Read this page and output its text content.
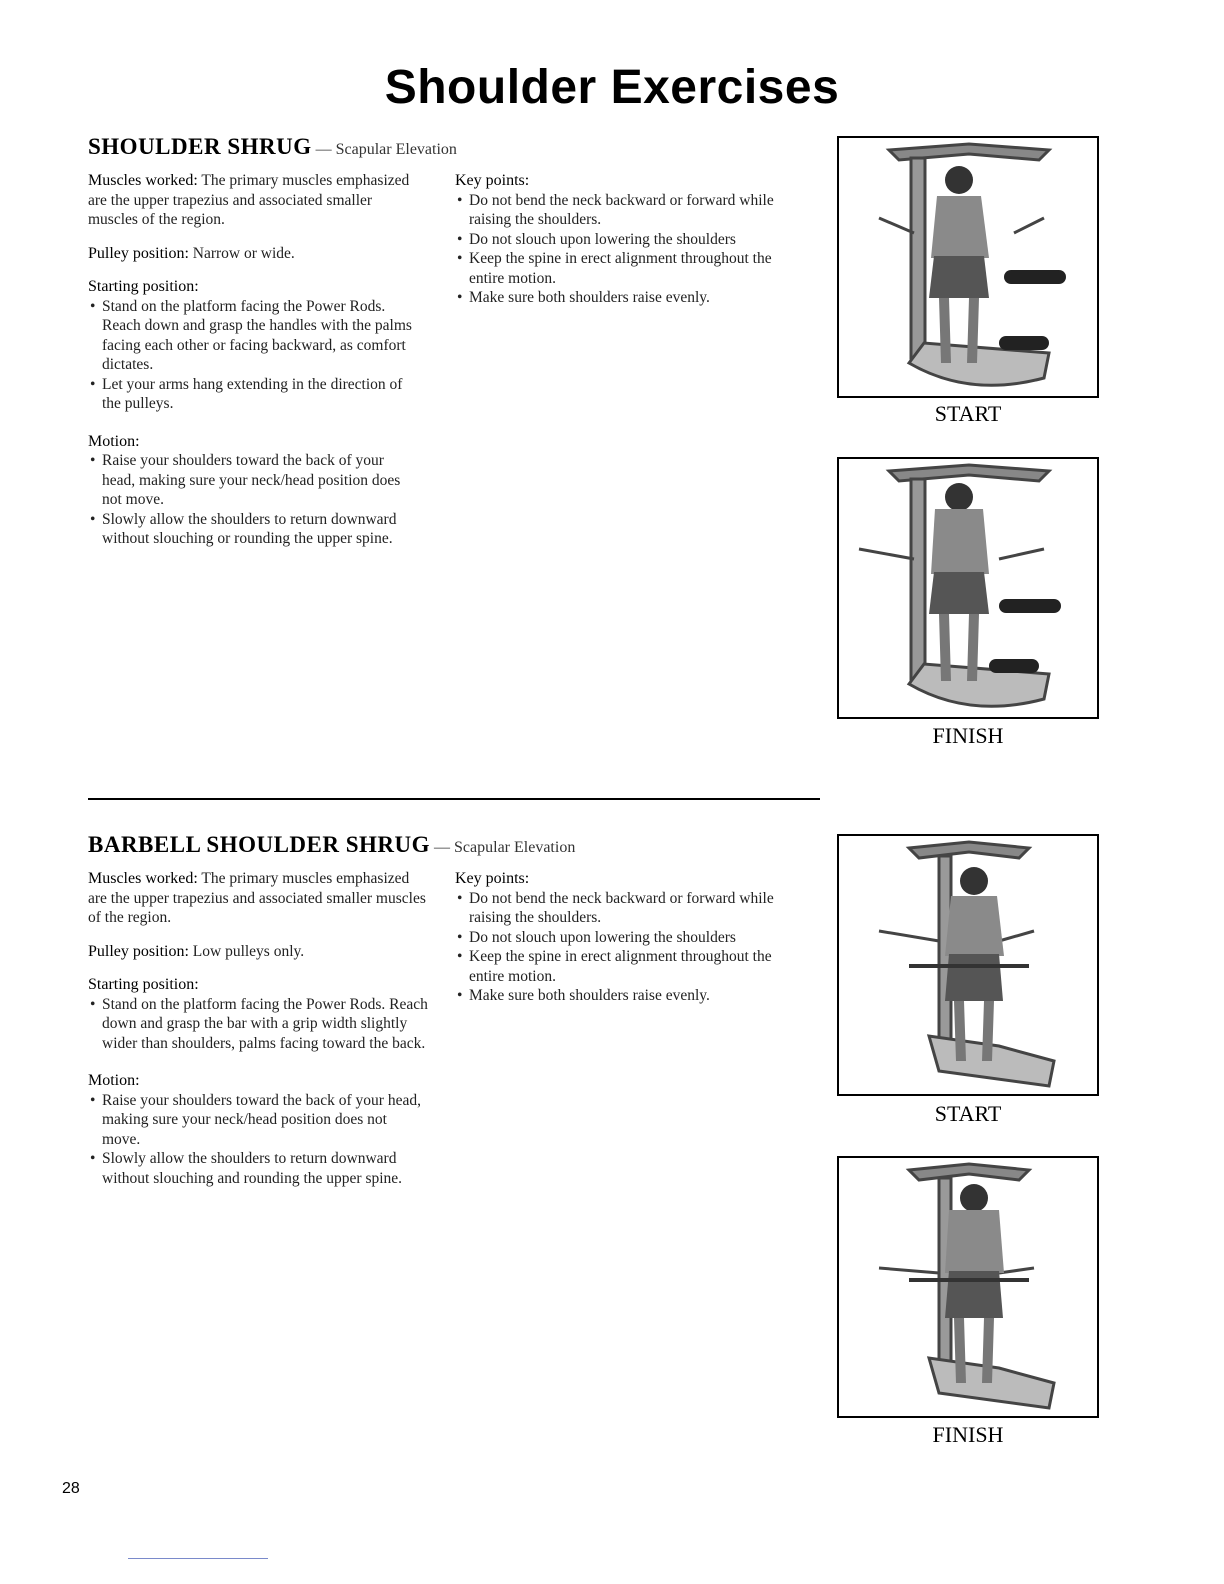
Shoulder Exercises
SHOULDER SHRUG — Scapular Elevation

Muscles worked: The primary muscles emphasized are the upper trapezius and associated smaller muscles of the region.

Pulley position: Narrow or wide.

Starting position:
• Stand on the platform facing the Power Rods. Reach down and grasp the handles with the palms facing each other or facing backward, as comfort dictates.
• Let your arms hang extending in the direction of the pulleys.
Motion:
• Raise your shoulders toward the back of your head, making sure your neck/head position does not move.
• Slowly allow the shoulders to return downward without slouching or rounding the upper spine.
Key points:
• Do not bend the neck backward or forward while raising the shoulders.
• Do not slouch upon lowering the shoulders
• Keep the spine in erect alignment throughout the entire motion.
• Make sure both shoulders raise evenly.
START
FINISH
BARBELL SHOULDER SHRUG — Scapular Elevation

Muscles worked: The primary muscles emphasized are the upper trapezius and associated smaller muscles of the region.

Pulley position: Low pulleys only.

Starting position:
• Stand on the platform facing the Power Rods. Reach down and grasp the bar with a grip width slightly wider than shoulders, palms facing toward the back.
Motion:
• Raise your shoulders toward the back of your head, making sure your neck/head position does not move.
• Slowly allow the shoulders to return downward without slouching and rounding the upper spine.
Key points:
• Do not bend the neck backward or forward while raising the shoulders.
• Do not slouch upon lowering the shoulders
• Keep the spine in erect alignment throughout the entire motion.
• Make sure both shoulders raise evenly.
START
FINISH
28
